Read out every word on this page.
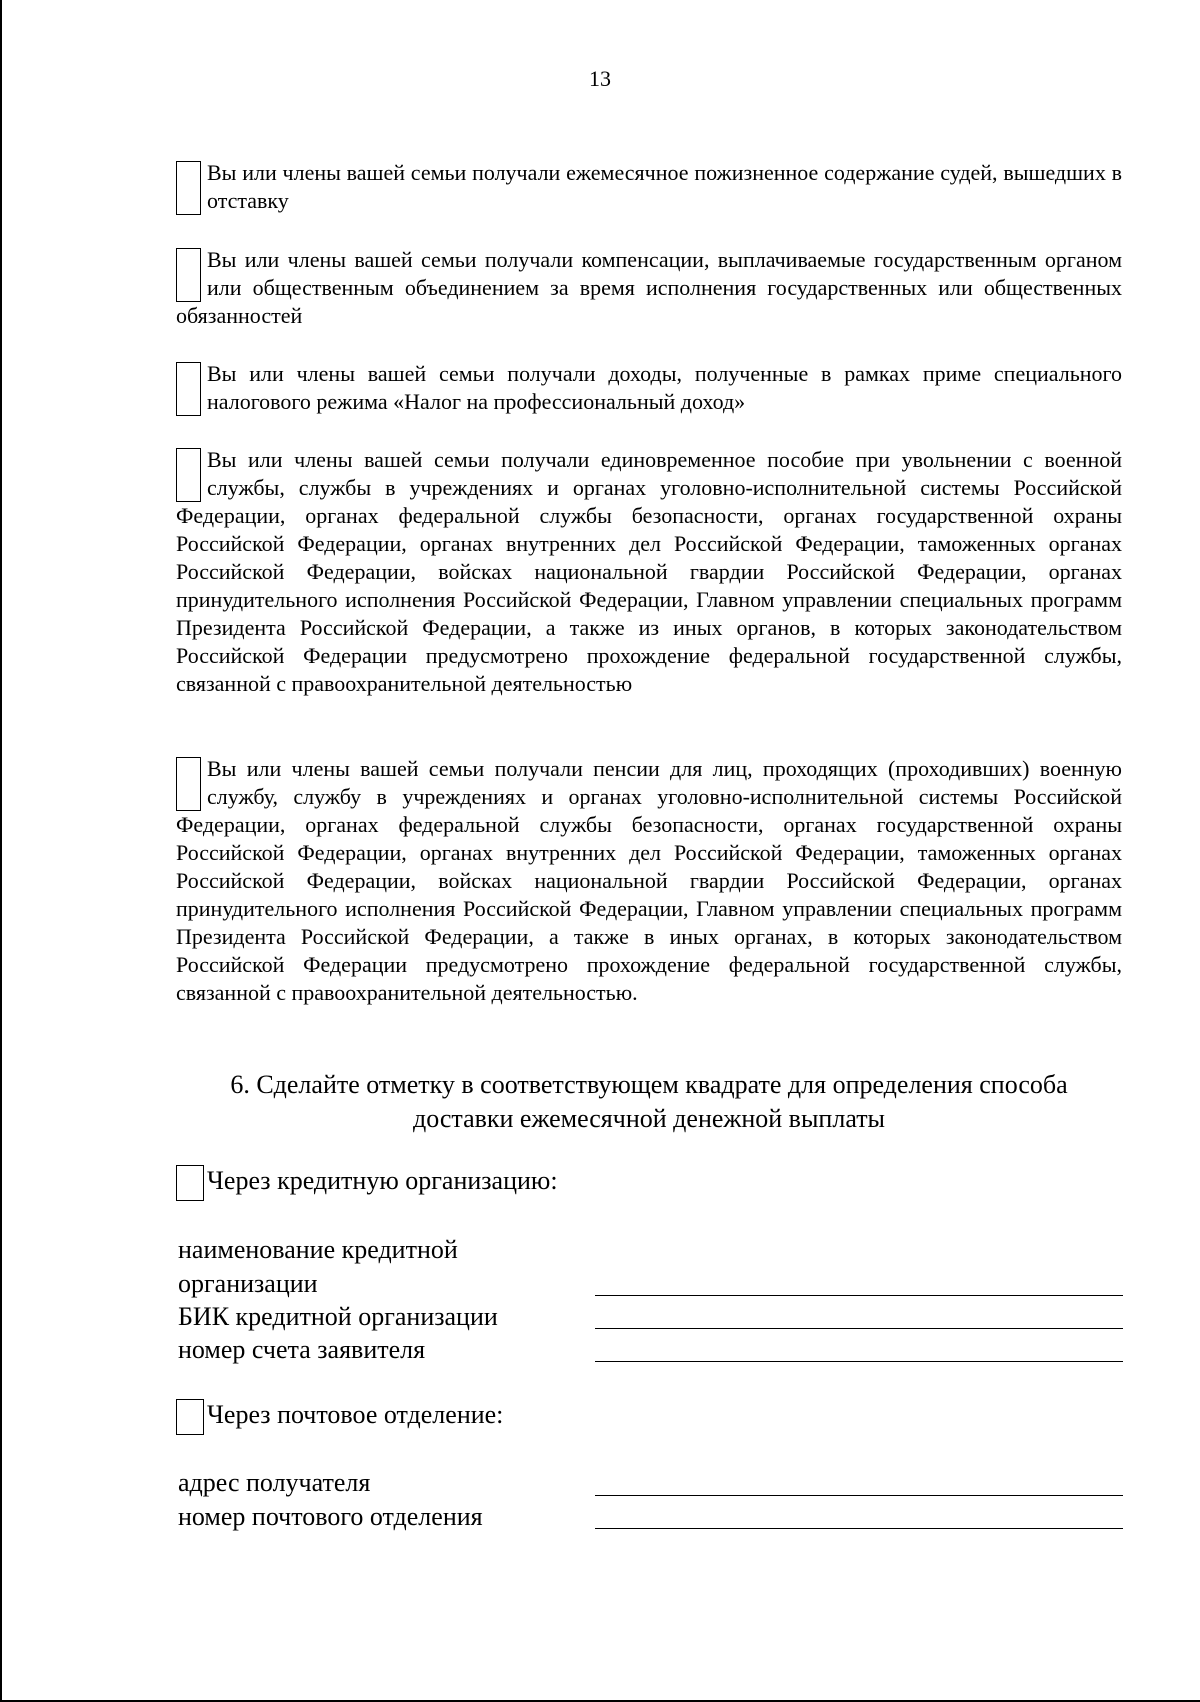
13
Вы или члены вашей семьи получали ежемесячное пожизненное содержание судей, вышедших в отставку
Вы или члены вашей семьи получали компенсации, выплачиваемые государственным органом или общественным объединением за время исполнения государственных или общественных обязанностей
Вы или члены вашей семьи получали доходы, полученные в рамках приме специального налогового режима «Налог на профессиональный доход»
Вы или члены вашей семьи получали единовременное пособие при увольнении с военной службы, службы в учреждениях и органах уголовно-исполнительной системы Российской Федерации, органах федеральной службы безопасности, органах государственной охраны Российской Федерации, органах внутренних дел Российской Федерации, таможенных органах Российской Федерации, войсках национальной гвардии Российской Федерации, органах принудительного исполнения Российской Федерации, Главном управлении специальных программ Президента Российской Федерации, а также из иных органов, в которых законодательством Российской Федерации предусмотрено прохождение федеральной государственной службы, связанной с правоохранительной деятельностью
Вы или члены вашей семьи получали пенсии для лиц, проходящих (проходивших) военную службу, службу в учреждениях и органах уголовно-исполнительной системы Российской Федерации, органах федеральной службы безопасности, органах государственной охраны Российской Федерации, органах внутренних дел Российской Федерации, таможенных органах Российской Федерации, войсках национальной гвардии Российской Федерации, органах принудительного исполнения Российской Федерации, Главном управлении специальных программ Президента Российской Федерации, а также в иных органах, в которых законодательством Российской Федерации предусмотрено прохождение федеральной государственной службы, связанной с правоохранительной деятельностью.
6. Сделайте отметку в соответствующем квадрате для определения способа
доставки ежемесячной денежной выплаты
Через кредитную организацию:
наименование кредитной
организации
БИК кредитной организации
номер счета заявителя
Через почтовое отделение:
адрес получателя
номер почтового отделения
